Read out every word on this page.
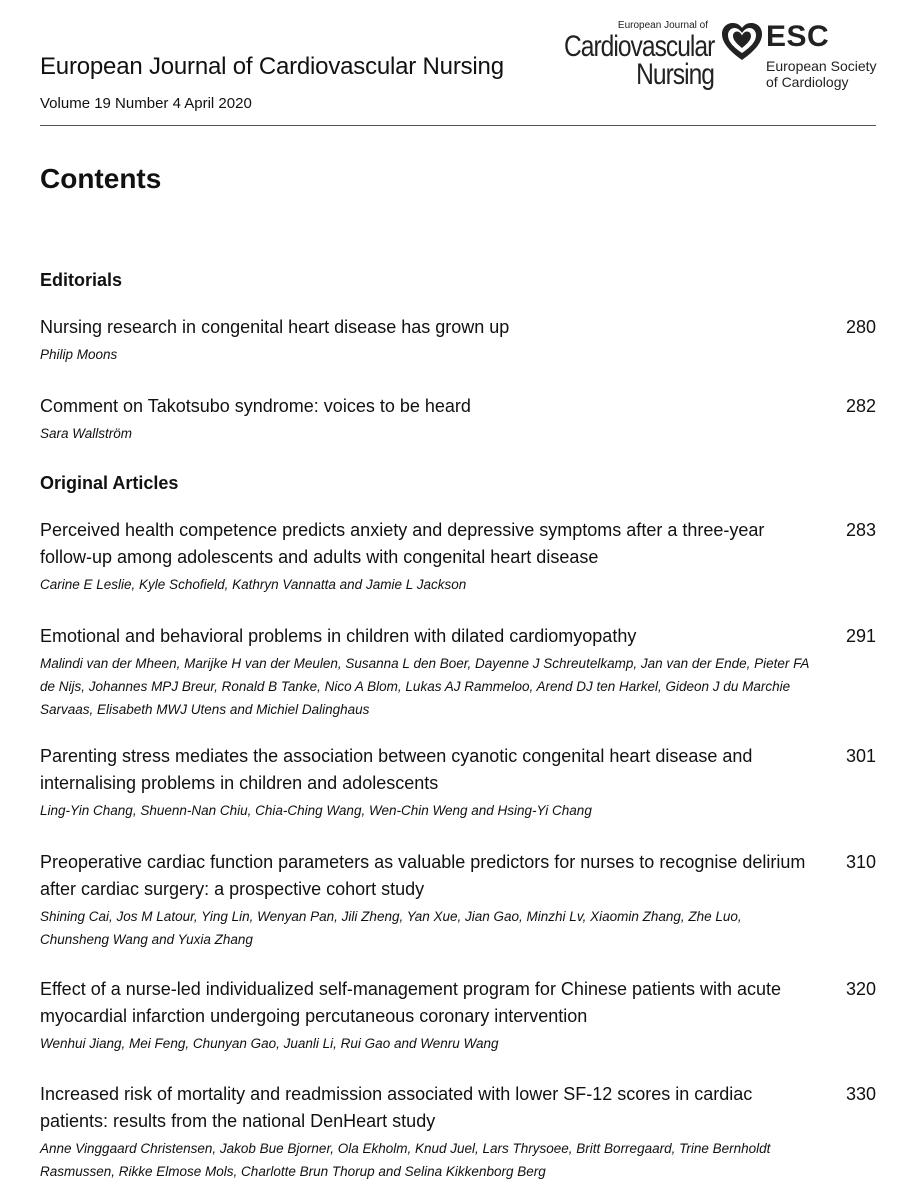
European Journal of Cardiovascular Nursing
Volume 19 Number 4 April 2020
European Journal of
Cardiovascular
Nursing
ESC
European Society
of Cardiology
Contents
Editorials
Nursing research in congenital heart disease has grown up
Philip Moons
280
Comment on Takotsubo syndrome: voices to be heard
Sara Wallström
282
Original Articles
Perceived health competence predicts anxiety and depressive symptoms after a three-year follow-up among adolescents and adults with congenital heart disease
Carine E Leslie, Kyle Schofield, Kathryn Vannatta and Jamie L Jackson
283
Emotional and behavioral problems in children with dilated cardiomyopathy
Malindi van der Mheen, Marijke H van der Meulen, Susanna L den Boer, Dayenne J Schreutelkamp, Jan van der Ende, Pieter FA de Nijs, Johannes MPJ Breur, Ronald B Tanke, Nico A Blom, Lukas AJ Rammeloo, Arend DJ ten Harkel, Gideon J du Marchie Sarvaas, Elisabeth MWJ Utens and Michiel Dalinghaus
291
Parenting stress mediates the association between cyanotic congenital heart disease and internalising problems in children and adolescents
Ling-Yin Chang, Shuenn-Nan Chiu, Chia-Ching Wang, Wen-Chin Weng and Hsing-Yi Chang
301
Preoperative cardiac function parameters as valuable predictors for nurses to recognise delirium after cardiac surgery: a prospective cohort study
Shining Cai, Jos M Latour, Ying Lin, Wenyan Pan, Jili Zheng, Yan Xue, Jian Gao, Minzhi Lv, Xiaomin Zhang, Zhe Luo, Chunsheng Wang and Yuxia Zhang
310
Effect of a nurse-led individualized self-management program for Chinese patients with acute myocardial infarction undergoing percutaneous coronary intervention
Wenhui Jiang, Mei Feng, Chunyan Gao, Juanli Li, Rui Gao and Wenru Wang
320
Increased risk of mortality and readmission associated with lower SF-12 scores in cardiac patients: results from the national DenHeart study
Anne Vinggaard Christensen, Jakob Bue Bjorner, Ola Ekholm, Knud Juel, Lars Thrysoee, Britt Borregaard, Trine Bernholdt Rasmussen, Rikke Elmose Mols, Charlotte Brun Thorup and Selina Kikkenborg Berg
330
